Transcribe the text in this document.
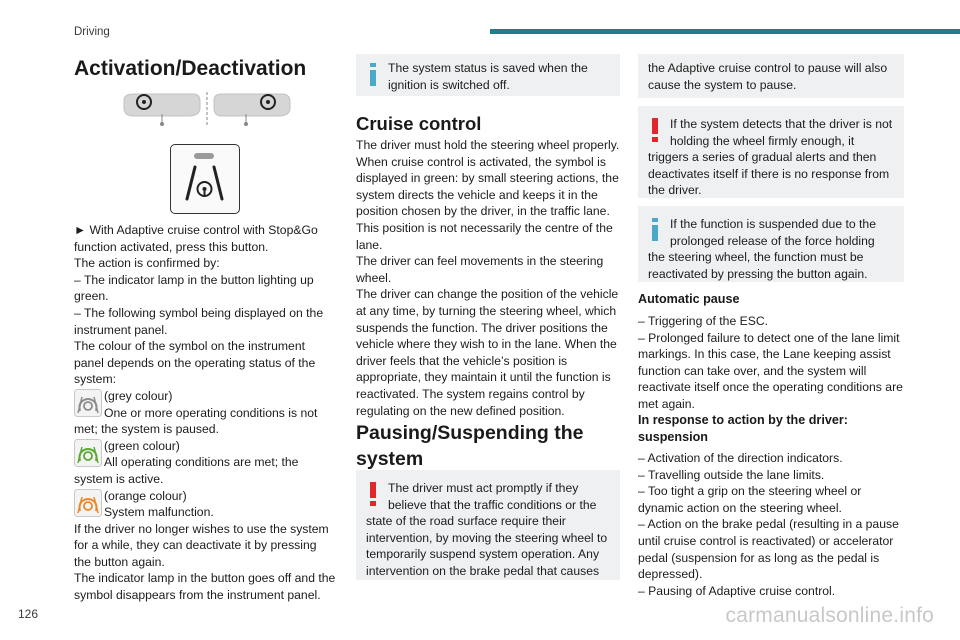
Driving
126	carmanualsonline.info
Activation/Deactivation

► With Adaptive cruise control with Stop&Go function activated, press this button.

The action is confirmed by:

– The indicator lamp in the button lighting up green.

– The following symbol being displayed on the instrument panel.

The colour of the symbol on the instrument panel depends on the operating status of the system:

(grey colour)

One or more operating conditions is not met; the system is paused.

(green colour)

All operating conditions are met; the system is active.

(orange colour)

System malfunction.

If the driver no longer wishes to use the system for a while, they can deactivate it by pressing the button again.

The indicator lamp in the button goes off and the symbol disappears from the instrument panel.

The system status is saved when the ignition is switched off.

Cruise control

The driver must hold the steering wheel properly. When cruise control is activated, the symbol is displayed in green: by small steering actions, the system directs the vehicle and keeps it in the position chosen by the driver, in the traffic lane. This position is not necessarily the centre of the lane.

The driver can feel movements in the steering wheel.

The driver can change the position of the vehicle at any time, by turning the steering wheel, which suspends the function. The driver positions the vehicle where they wish to in the lane. When the driver feels that the vehicle’s position is appropriate, they maintain it until the function is reactivated. The system regains control by regulating on the new defined position.

Pausing/Suspending the
system

The driver must act promptly if they believe that the traffic conditions or the

state of the road surface require their intervention, by moving the steering wheel to temporarily suspend system operation. Any intervention on the brake pedal that causes

the Adaptive cruise control to pause will also cause the system to pause.

If the system detects that the driver is not holding the wheel firmly enough, it

triggers a series of gradual alerts and then deactivates itself if there is no response from the driver.

If the function is suspended due to the prolonged release of the force holding

the steering wheel, the function must be reactivated by pressing the button again.

Automatic pause

– Triggering of the ESC.

– Prolonged failure to detect one of the lane limit markings. In this case, the Lane keeping assist function can take over, and the system will reactivate itself once the operating conditions are met again.

In response to action by the driver: suspension

– Activation of the direction indicators.

– Travelling outside the lane limits.

– Too tight a grip on the steering wheel or dynamic action on the steering wheel.

– Action on the brake pedal (resulting in a pause until cruise control is reactivated) or accelerator pedal (suspension for as long as the pedal is depressed).

– Pausing of Adaptive cruise control.
